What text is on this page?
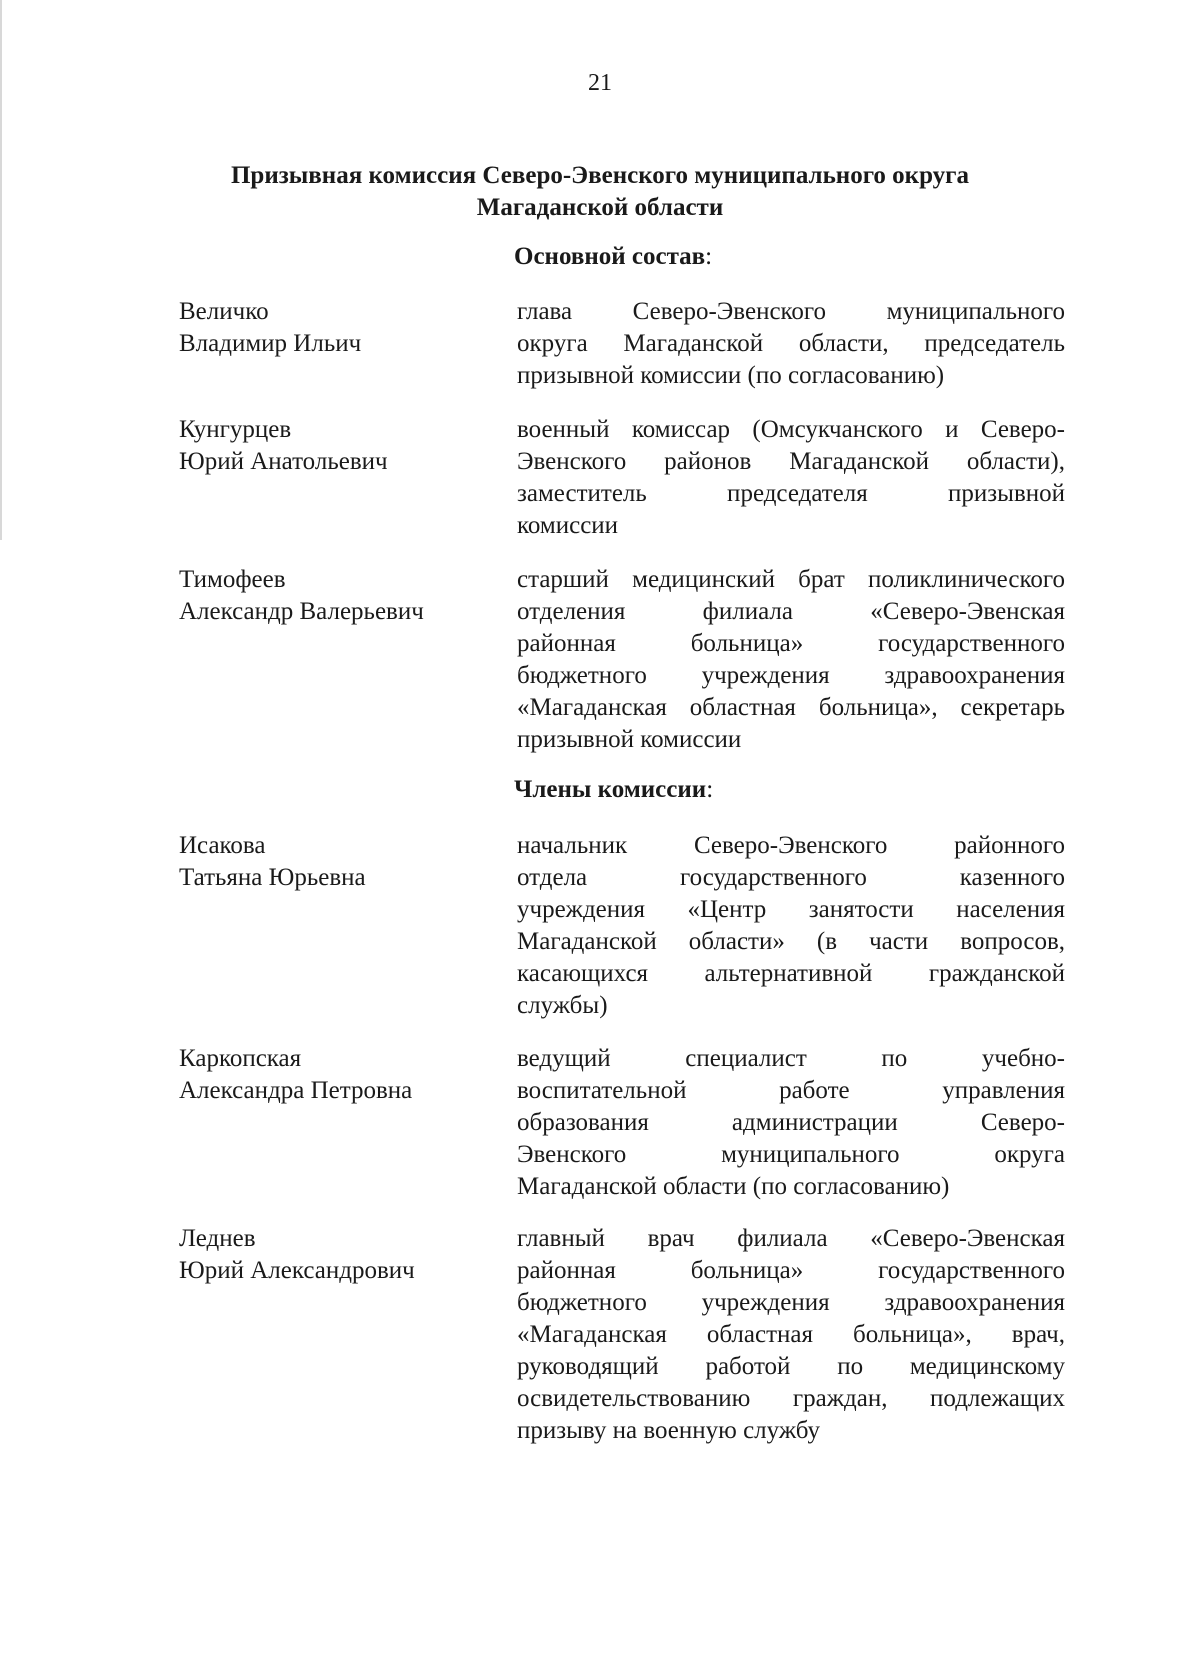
21
Призывная комиссия Северо-Эвенского муниципального округа
Магаданской области
Основной состав:
Величко
Владимир Ильич
глава Северо-Эвенского муниципального
округа Магаданской области, председатель
призывной комиссии (по согласованию)
Кунгурцев
Юрий Анатольевич
военный комиссар (Омсукчанского и Северо-
Эвенского районов Магаданской области),
заместитель председателя призывной
комиссии
Тимофеев
Александр Валерьевич
старший медицинский брат поликлинического
отделения филиала «Северо-Эвенская
районная больница» государственного
бюджетного учреждения здравоохранения
«Магаданская областная больница», секретарь
призывной комиссии
Члены комиссии:
Исакова
Татьяна Юрьевна
начальник Северо-Эвенского районного
отдела государственного казенного
учреждения «Центр занятости населения
Магаданской области» (в части вопросов,
касающихся альтернативной гражданской
службы)
Каркопская
Александра Петровна
ведущий специалист по учебно-
воспитательной работе управления
образования администрации Северо-
Эвенского муниципального округа
Магаданской области (по согласованию)
Леднев
Юрий Александрович
главный врач филиала «Северо-Эвенская
районная больница» государственного
бюджетного учреждения здравоохранения
«Магаданская областная больница», врач,
руководящий работой по медицинскому
освидетельствованию граждан, подлежащих
призыву на военную службу
